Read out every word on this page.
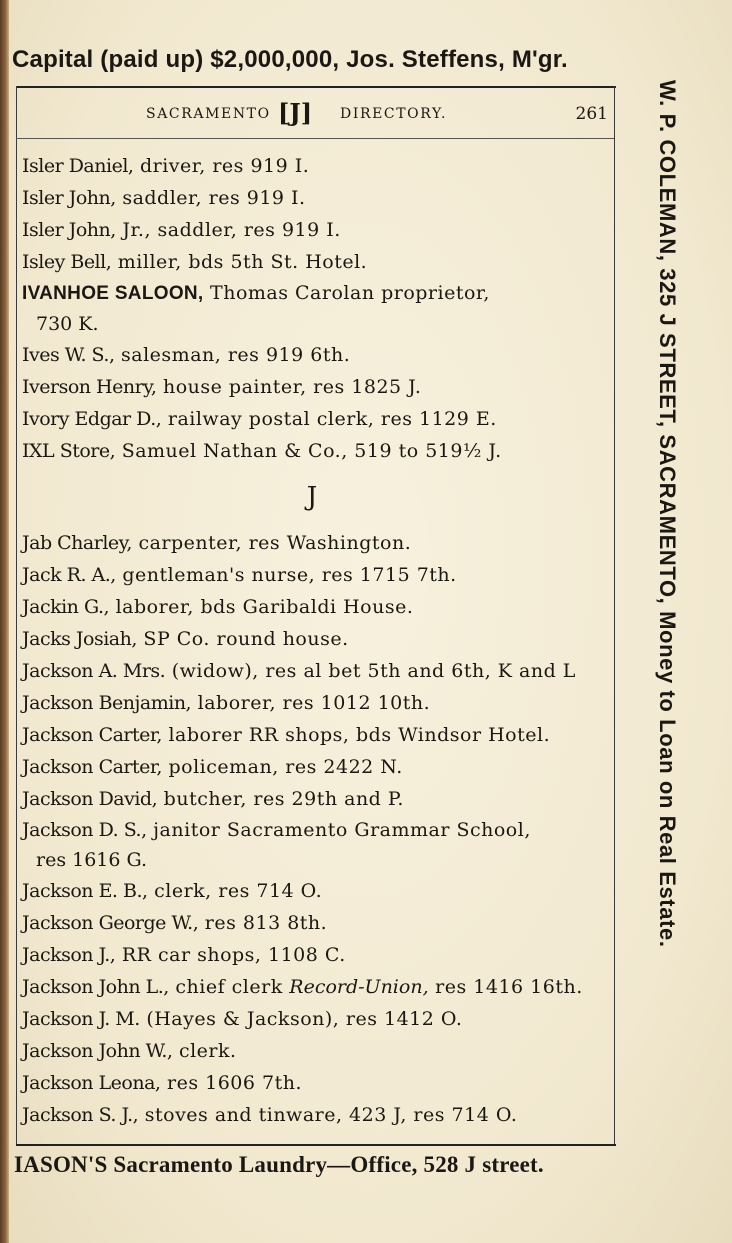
Capital (paid up) $2,000,000, Jos. Steffens, M'gr.
SACRAMENTO [J] DIRECTORY.	261
Isler Daniel, driver, res 919 I.
Isler John, saddler, res 919 I.
Isler John, Jr., saddler, res 919 I.
Isley Bell, miller, bds 5th St. Hotel.
IVANHOE SALOON, Thomas Carolan proprietor,
730 K.
Ives W. S., salesman, res 919 6th.
Iverson Henry, house painter, res 1825 J.
Ivory Edgar D., railway postal clerk, res 1129 E.
IXL Store, Samuel Nathan & Co., 519 to 519½ J.
J
Jab Charley, carpenter, res Washington.
Jack R. A., gentleman's nurse, res 1715 7th.
Jackin G., laborer, bds Garibaldi House.
Jacks Josiah, SP Co. round house.
Jackson A. Mrs. (widow), res al bet 5th and 6th, K and L
Jackson Benjamin, laborer, res 1012 10th.
Jackson Carter, laborer RR shops, bds Windsor Hotel.
Jackson Carter, policeman, res 2422 N.
Jackson David, butcher, res 29th and P.
Jackson D. S., janitor Sacramento Grammar School,
res 1616 G.
Jackson E. B., clerk, res 714 O.
Jackson George W., res 813 8th.
Jackson J., RR car shops, 1108 C.
Jackson John L., chief clerk Record-Union, res 1416 16th.
Jackson J. M. (Hayes & Jackson), res 1412 O.
Jackson John W., clerk.
Jackson Leona, res 1606 7th.
Jackson S. J., stoves and tinware, 423 J, res 714 O.
W. P. COLEMAN, 325 J STREET, SACRAMENTO, Money to Loan on Real Estate.
IASON'S Sacramento Laundry—Office, 528 J street.
